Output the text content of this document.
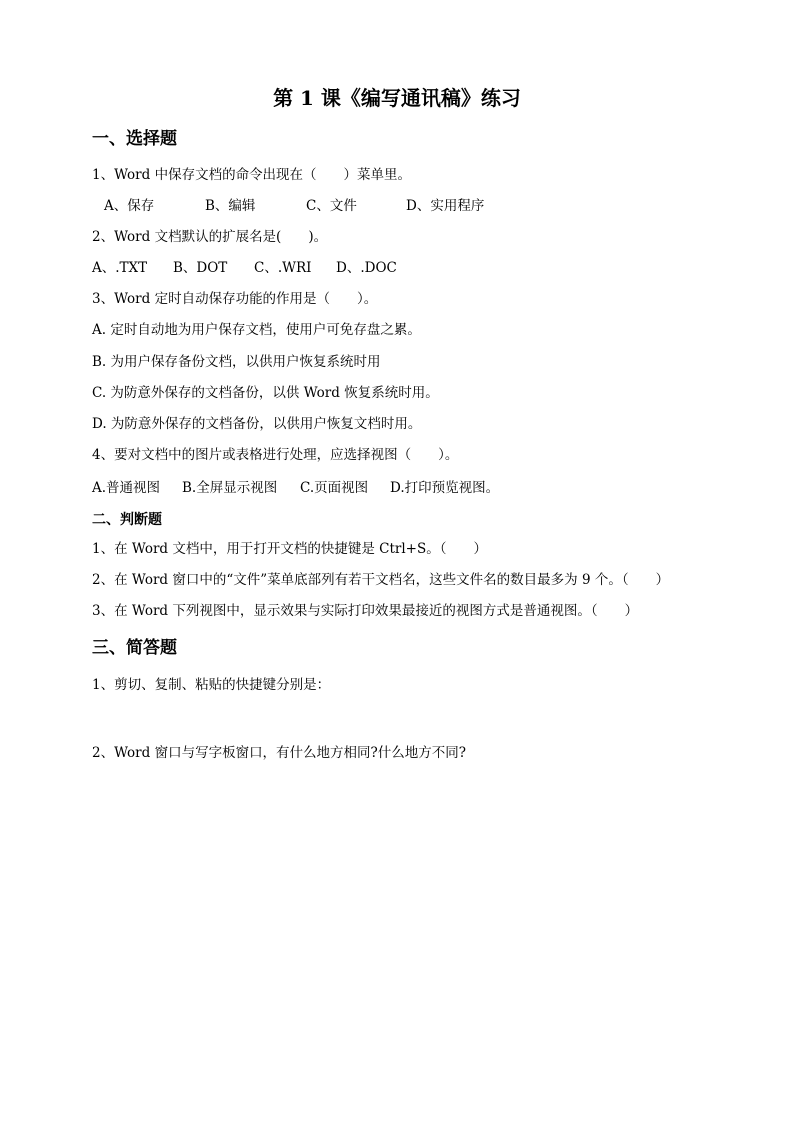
第 1 课《编写通讯稿》练习
一、选择题
1、Word 中保存文档的命令出现在（　　）菜单里。
A、保存	B、编辑	C、文件	D、实用程序
2、Word 文档默认的扩展名是(　　)。
A、.TXT	B、DOT	C、.WRI	D、.DOC
3、Word 定时自动保存功能的作用是（　　）。
A. 定时自动地为用户保存文档，使用户可免存盘之累。
B. 为用户保存备份文档，以供用户恢复系统时用
C. 为防意外保存的文档备份，以供 Word 恢复系统时用。
D. 为防意外保存的文档备份，以供用户恢复文档时用。
4、要对文档中的图片或表格进行处理，应选择视图（　　）。
A.普通视图	B.全屏显示视图	C.页面视图	D.打印预览视图。
二、判断题
1、在 Word 文档中，用于打开文档的快捷键是 Ctrl+S。（　　）
2、在 Word 窗口中的“文件”菜单底部列有若干文档名，这些文件名的数目最多为 9 个。（　　）
3、在 Word 下列视图中，显示效果与实际打印效果最接近的视图方式是普通视图。（　　）
三、简答题
1、剪切、复制、粘贴的快捷键分别是：
2、Word 窗口与写字板窗口，有什么地方相同?什么地方不同?
